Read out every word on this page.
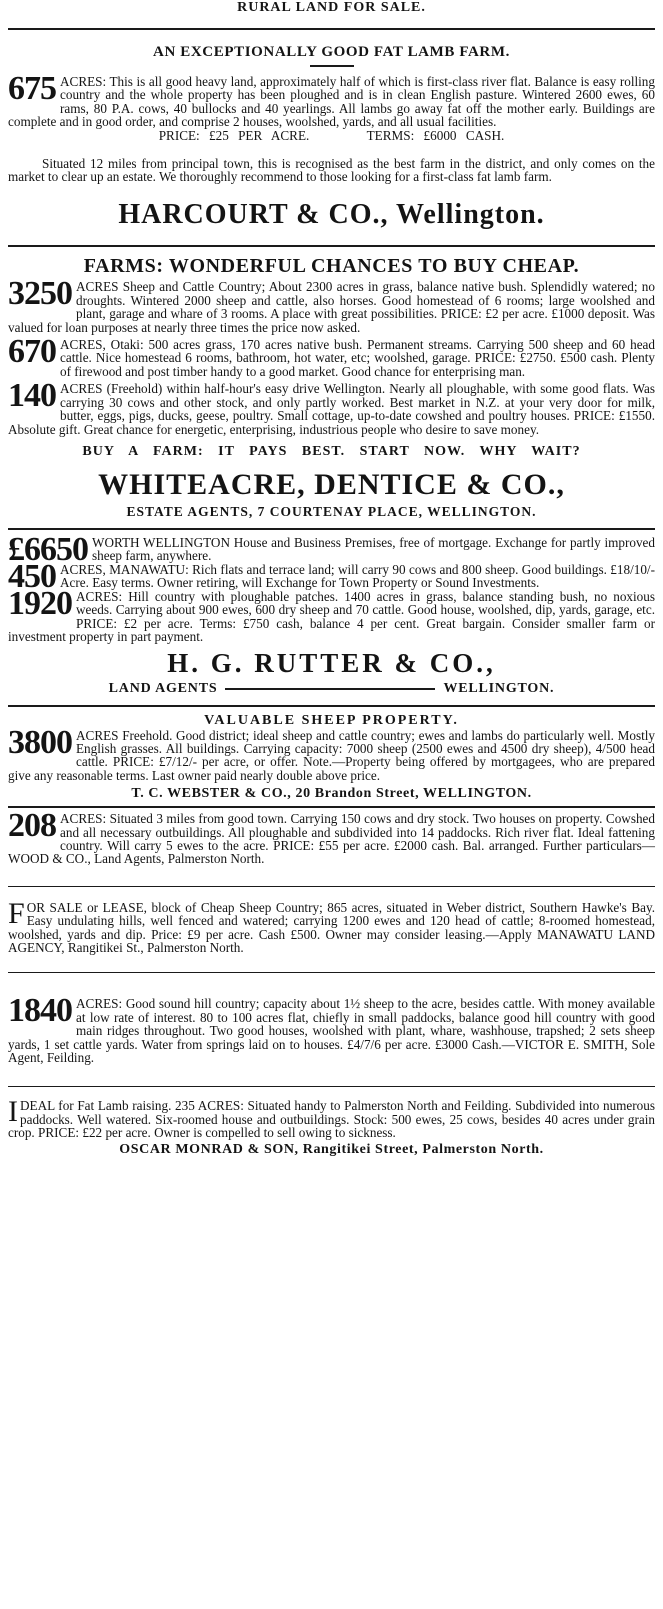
RURAL LAND FOR SALE.
AN EXCEPTIONALLY GOOD FAT LAMB FARM.

675 ACRES: This is all good heavy land, approximately half of which is first-class river flat. Balance is easy rolling country and the whole property has been ploughed and is in clean English pasture. Wintered 2600 ewes, 60 rams, 80 P.A. cows, 40 bullocks and 40 yearlings. All lambs go away fat off the mother early. Buildings are complete and in good order, and comprise 2 houses, woolshed, yards, and all usual facilities.

PRICE: £25 PER ACRE.	TERMS: £6000 CASH.

Situated 12 miles from principal town, this is recognised as the best farm in the district, and only comes on the market to clear up an estate. We thoroughly recommend to those looking for a first-class fat lamb farm.

HARCOURT & CO., Wellington.
FARMS: WONDERFUL CHANCES TO BUY CHEAP.

3250 ACRES Sheep and Cattle Country; About 2300 acres in grass, balance native bush. Splendidly watered; no droughts. Wintered 2000 sheep and cattle, also horses. Good homestead of 6 rooms; large woolshed and plant, garage and whare of 3 rooms. A place with great possibilities. PRICE: £2 per acre. £1000 deposit. Was valued for loan purposes at nearly three times the price now asked.

670 ACRES, Otaki: 500 acres grass, 170 acres native bush. Permanent streams. Carrying 500 sheep and 60 head cattle. Nice homestead 6 rooms, bathroom, hot water, etc; woolshed, garage. PRICE: £2750. £500 cash. Plenty of firewood and post timber handy to a good market. Good chance for enterprising man.

140 ACRES (Freehold) within half-hour's easy drive Wellington. Nearly all ploughable, with some good flats. Was carrying 30 cows and other stock, and only partly worked. Best market in N.Z. at your very door for milk, butter, eggs, pigs, ducks, geese, poultry. Small cottage, up-to-date cowshed and poultry houses. PRICE: £1550. Absolute gift. Great chance for energetic, enterprising, industrious people who desire to save money.

BUY A FARM: IT PAYS BEST. START NOW. WHY WAIT?
WHITEACRE, DENTICE & CO.,
ESTATE AGENTS, 7 COURTENAY PLACE, WELLINGTON.

£6650 WORTH WELLINGTON House and Business Premises, free of mortgage. Exchange for partly improved sheep farm, anywhere.

450 ACRES, MANAWATU: Rich flats and terrace land; will carry 90 cows and 800 sheep. Good buildings. £18/10/- Acre. Easy terms. Owner retiring, will Exchange for Town Property or Sound Investments.

1920 ACRES: Hill country with ploughable patches. 1400 acres in grass, balance standing bush, no noxious weeds. Carrying about 900 ewes, 600 dry sheep and 70 cattle. Good house, woolshed, dip, yards, garage, etc. PRICE: £2 per acre. Terms: £750 cash, balance 4 per cent. Great bargain. Consider smaller farm or investment property in part payment.

H. G. RUTTER & CO.,
LAND AGENTS	WELLINGTON.
VALUABLE SHEEP PROPERTY.

3800 ACRES Freehold. Good district; ideal sheep and cattle country; ewes and lambs do particularly well. Mostly English grasses. All buildings. Carrying capacity: 7000 sheep (2500 ewes and 4500 dry sheep), 4/500 head cattle. PRICE: £7/12/- per acre, or offer. Note.—Property being offered by mortgagees, who are prepared give any reasonable terms. Last owner paid nearly double above price.

T. C. WEBSTER & CO., 20 Brandon Street, WELLINGTON.

208 ACRES: Situated 3 miles from good town. Carrying 150 cows and dry stock. Two houses on property. Cowshed and all necessary outbuildings. All ploughable and subdivided into 14 paddocks. Rich river flat. Ideal fattening country. Will carry 5 ewes to the acre. PRICE: £55 per acre. £2000 cash. Bal. arranged. Further particulars—WOOD & CO., Land Agents, Palmerston North.

F OR SALE or LEASE, block of Cheap Sheep Country; 865 acres, situated in Weber district, Southern Hawke's Bay. Easy undulating hills, well fenced and watered; carrying 1200 ewes and 120 head of cattle; 8-roomed homestead, woolshed, yards and dip. Price: £9 per acre. Cash £500. Owner may consider leasing.—Apply MANAWATU LAND AGENCY, Rangitikei St., Palmerston North.

1840 ACRES: Good sound hill country; capacity about 1½ sheep to the acre, besides cattle. With money available at low rate of interest. 80 to 100 acres flat, chiefly in small paddocks, balance good hill country with good main ridges throughout. Two good houses, woolshed with plant, whare, washhouse, trapshed; 2 sets sheep yards, 1 set cattle yards. Water from springs laid on to houses. £4/7/6 per acre. £3000 Cash.—VICTOR E. SMITH, Sole Agent, Feilding.

I DEAL for Fat Lamb raising. 235 ACRES: Situated handy to Palmerston North and Feilding. Subdivided into numerous paddocks. Well watered. Six-roomed house and outbuildings. Stock: 500 ewes, 25 cows, besides 40 acres under grain crop. PRICE: £22 per acre. Owner is compelled to sell owing to sickness.

OSCAR MONRAD & SON, Rangitikei Street, Palmerston North.
